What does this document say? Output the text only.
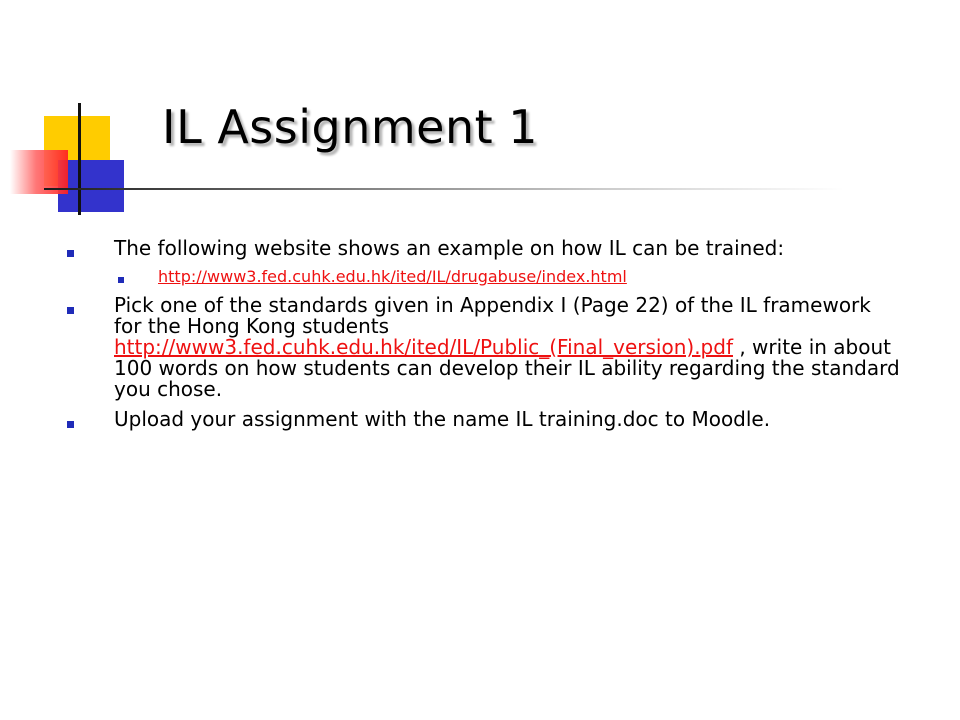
IL Assignment 1
The following website shows an example on how IL can be trained:
http://www3.fed.cuhk.edu.hk/ited/IL/drugabuse/index.html
Pick one of the standards given in Appendix I (Page 22) of the IL framework for the Hong Kong students http://www3.fed.cuhk.edu.hk/ited/IL/Public_(Final_version).pdf , write in about 100 words on how students can develop their IL ability regarding the standard you chose.
Upload your assignment with the name IL training.doc to Moodle.
